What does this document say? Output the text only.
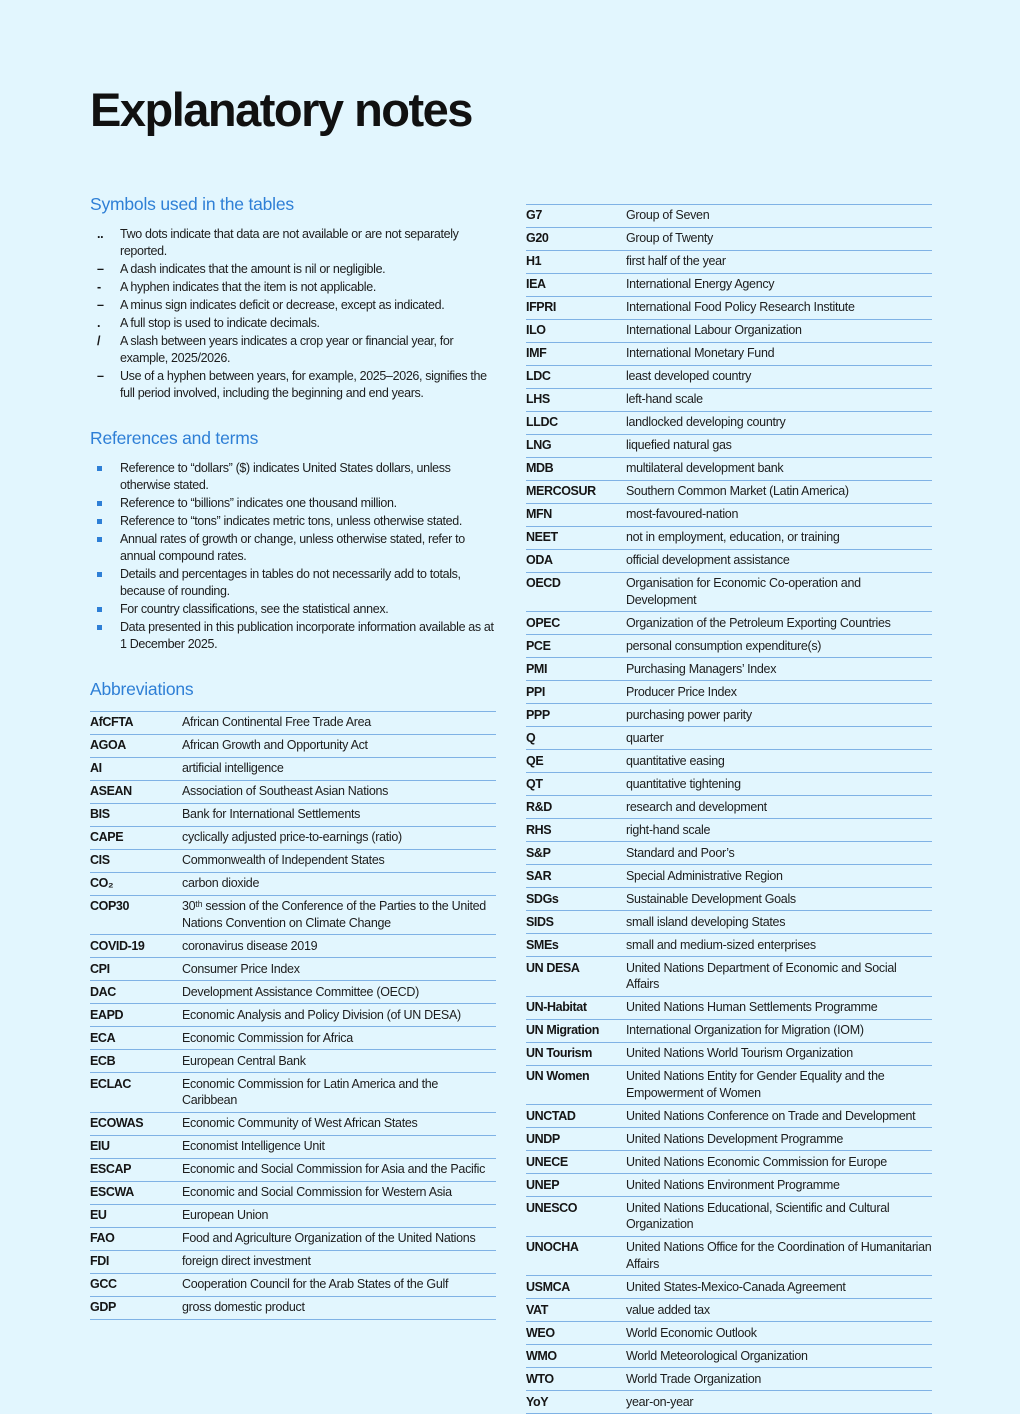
Explanatory notes
Symbols used in the tables
..	Two dots indicate that data are not available or are not separately reported.
–	A dash indicates that the amount is nil or negligible.
-	A hyphen indicates that the item is not applicable.
–	A minus sign indicates deficit or decrease, except as indicated.
.	A full stop is used to indicate decimals.
/	A slash between years indicates a crop year or financial year, for example, 2025/2026.
–	Use of a hyphen between years, for example, 2025–2026, signifies the full period involved, including the beginning and end years.
References and terms
Reference to “dollars” ($) indicates United States dollars, unless otherwise stated.
Reference to “billions” indicates one thousand million.
Reference to “tons” indicates metric tons, unless otherwise stated.
Annual rates of growth or change, unless otherwise stated, refer to annual compound rates.
Details and percentages in tables do not necessarily add to totals, because of rounding.
For country classifications, see the statistical annex.
Data presented in this publication incorporate information available as at 1 December 2025.
Abbreviations
AfCFTA	African Continental Free Trade Area
AGOA	African Growth and Opportunity Act
AI	artificial intelligence
ASEAN	Association of Southeast Asian Nations
BIS	Bank for International Settlements
CAPE	cyclically adjusted price-to-earnings (ratio)
CIS	Commonwealth of Independent States
CO₂	carbon dioxide
COP30	30ᵗʰ session of the Conference of the Parties to the United Nations Convention on Climate Change
COVID-19	coronavirus disease 2019
CPI	Consumer Price Index
DAC	Development Assistance Committee (OECD)
EAPD	Economic Analysis and Policy Division (of UN DESA)
ECA	Economic Commission for Africa
ECB	European Central Bank
ECLAC	Economic Commission for Latin America and the Caribbean
ECOWAS	Economic Community of West African States
EIU	Economist Intelligence Unit
ESCAP	Economic and Social Commission for Asia and the Pacific
ESCWA	Economic and Social Commission for Western Asia
EU	European Union
FAO	Food and Agriculture Organization of the United Nations
FDI	foreign direct investment
GCC	Cooperation Council for the Arab States of the Gulf
GDP	gross domestic product
G7	Group of Seven
G20	Group of Twenty
H1	first half of the year
IEA	International Energy Agency
IFPRI	International Food Policy Research Institute
ILO	International Labour Organization
IMF	International Monetary Fund
LDC	least developed country
LHS	left-hand scale
LLDC	landlocked developing country
LNG	liquefied natural gas
MDB	multilateral development bank
MERCOSUR	Southern Common Market (Latin America)
MFN	most-favoured-nation
NEET	not in employment, education, or training
ODA	official development assistance
OECD	Organisation for Economic Co-operation and Development
OPEC	Organization of the Petroleum Exporting Countries
PCE	personal consumption expenditure(s)
PMI	Purchasing Managers’ Index
PPI	Producer Price Index
PPP	purchasing power parity
Q	quarter
QE	quantitative easing
QT	quantitative tightening
R&D	research and development
RHS	right-hand scale
S&P	Standard and Poor’s
SAR	Special Administrative Region
SDGs	Sustainable Development Goals
SIDS	small island developing States
SMEs	small and medium-sized enterprises
UN DESA	United Nations Department of Economic and Social Affairs
UN-Habitat	United Nations Human Settlements Programme
UN Migration	International Organization for Migration (IOM)
UN Tourism	United Nations World Tourism Organization
UN Women	United Nations Entity for Gender Equality and the Empowerment of Women
UNCTAD	United Nations Conference on Trade and Development
UNDP	United Nations Development Programme
UNECE	United Nations Economic Commission for Europe
UNEP	United Nations Environment Programme
UNESCO	United Nations Educational, Scientific and Cultural Organization
UNOCHA	United Nations Office for the Coordination of Humanitarian Affairs
USMCA	United States-Mexico-Canada Agreement
VAT	value added tax
WEO	World Economic Outlook
WMO	World Meteorological Organization
WTO	World Trade Organization
YoY	year-on-year
